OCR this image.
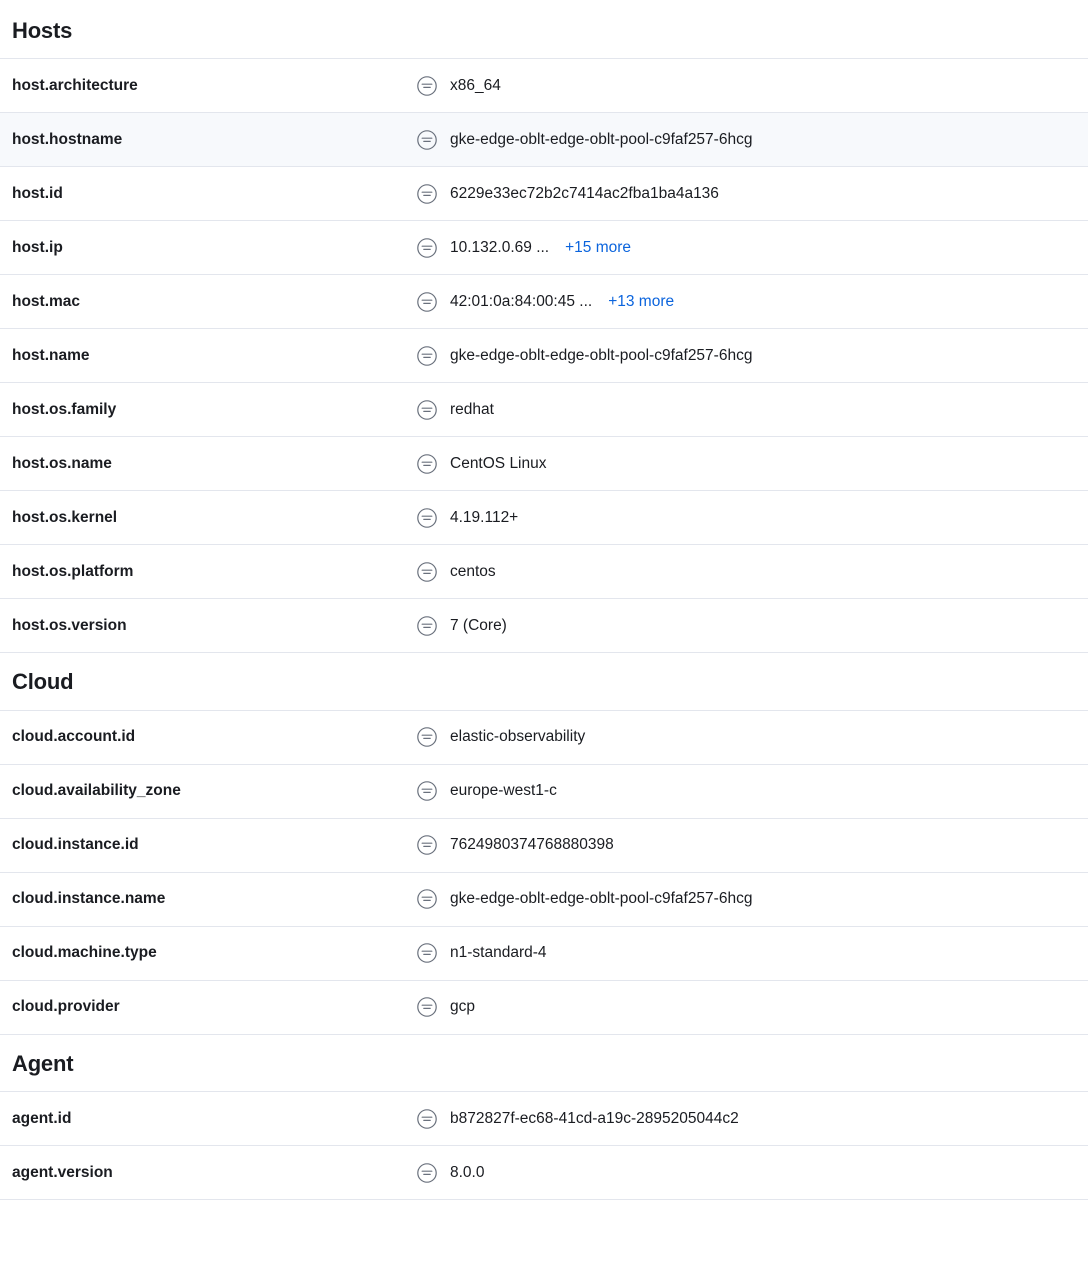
Hosts
host.architecture	x86_64

host.hostname	gke-edge-oblt-edge-oblt-pool-c9faf257-6hcg

host.id	6229e33ec72b2c7414ac2fba1ba4a136

host.ip	10.132.0.69 ... +15 more

host.mac	42:01:0a:84:00:45 ... +13 more

host.name	gke-edge-oblt-edge-oblt-pool-c9faf257-6hcg

host.os.family	redhat

host.os.name	CentOS Linux

host.os.kernel	4.19.112+

host.os.platform	centos

host.os.version	7 (Core)
Cloud
cloud.account.id	elastic-observability

cloud.availability_zone	europe-west1-c

cloud.instance.id	7624980374768880398

cloud.instance.name	gke-edge-oblt-edge-oblt-pool-c9faf257-6hcg

cloud.machine.type	n1-standard-4

cloud.provider	gcp
Agent
agent.id	b872827f-ec68-41cd-a19c-2895205044c2

agent.version	8.0.0
